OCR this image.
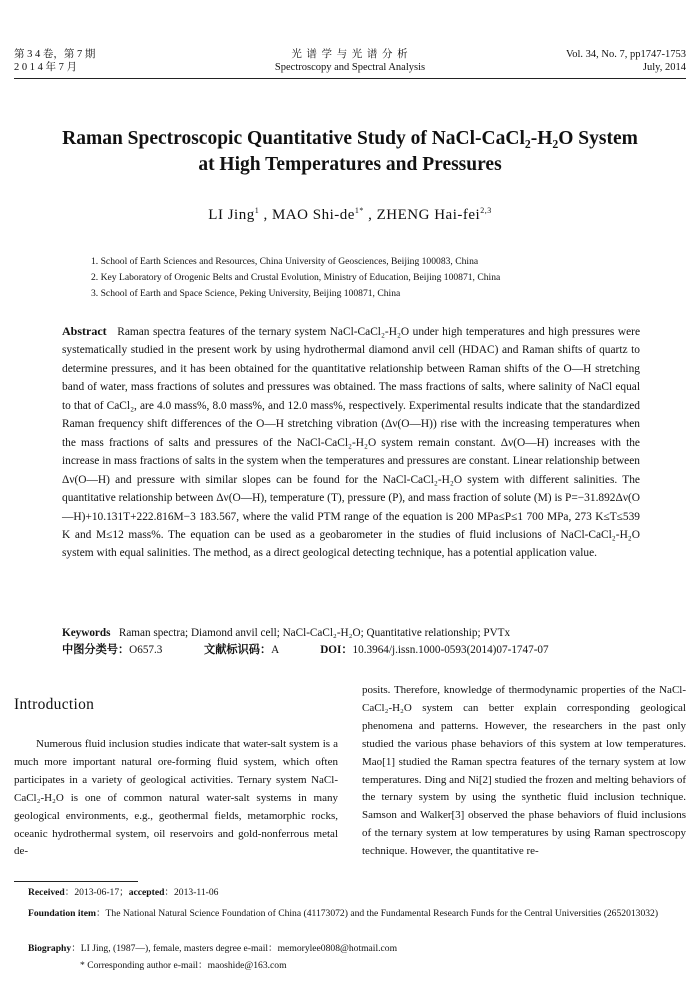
第 3 4 卷，第 7 期
2 0 1 4 年 7 月
光 谱 学 与 光 谱 分 析
Spectroscopy and Spectral Analysis
Vol. 34, No. 7, pp1747-1753
July, 2014
Raman Spectroscopic Quantitative Study of NaCl-CaCl₂-H₂O System
at High Temperatures and Pressures
LI Jing$^1$ , MAO Shi-$de^{1*}$ , ZHENG Hai-fei$^{2,3}$
1. School of Earth Sciences and Resources, China University of Geosciences, Beijing 100083, China
2. Key Laboratory of Orogenic Belts and Crustal Evolution, Ministry of Education, Beijing 100871, China
3. School of Earth and Space Science, Peking University, Beijing 100871, China
Abstract Raman spectra features of the ternary system NaCl-CaCl₂-H₂O under high temperatures and high pressures were systematically studied in the present work by using hydrothermal diamond anvil cell (HDAC) and Raman shifts of quartz to determine pressures, and it has been obtained for the quantitative relationship between Raman shifts of the O—H stretching band of water, mass fractions of solutes and pressures was obtained. The mass fractions of salts, where salinity of NaCl equal to that of CaCl₂, are 4.0 mass%, 8.0 mass%, and 12.0 mass%, respectively. Experimental results indicate that the standardized Raman frequency shift differences of the O—H stretching vibration (Δν(O—H)) rise with the increasing temperatures when the mass fractions of salts and pressures of the NaCl-CaCl₂-H₂O system remain constant. Δν(O—H) increases with the increase in mass fractions of salts in the system when the temperatures and pressures are constant. Linear relationship between Δν(O—H) and pressure with similar slopes can be found for the NaCl-CaCl₂-H₂O system with different salinities. The quantitative relationship between Δν(O—H), temperature (T), pressure (P), and mass fraction of solute (M) is P=−31.892Δν(O—H)+10.131T+222.816M−3 183.567, where the valid PTM range of the equation is 200 MPa≤P≤1 700 MPa, 273 K≤T≤539 K and M≤12 mass%. The equation can be used as a geobarometer in the studies of fluid inclusions of NaCl-CaCl₂-H₂O system with equal salinities. The method, as a direct geological detecting technique, has a potential application value.
Keywords Raman spectra; Diamond anvil cell; NaCl-CaCl₂-H₂O; Quantitative relationship; PVTx
中图分类号：O657.3	文献标识码：A	DOI：10.3964/j.issn.1000-0593(2014)07-1747-07
Introduction
Numerous fluid inclusion studies indicate that water-salt system is a much more important natural ore-forming fluid system, which often participates in a variety of geological activities. Ternary system NaCl-CaCl₂-H₂O is one of common natural water-salt systems in many geological environments, e.g., geothermal fields, metamorphic rocks, oceanic hydrothermal system, oil reservoirs and gold-nonferrous metal de-
posits. Therefore, knowledge of thermodynamic properties of the NaCl-CaCl₂-H₂O system can better explain corresponding geological phenomena and patterns. However, the researchers in the past only studied the various phase behaviors of this system at low temperatures. Mao[1] studied the Raman spectra features of the ternary system at low temperatures. Ding and Ni[2] studied the frozen and melting behaviors of the ternary system by using the synthetic fluid inclusion technique. Samson and Walker[3] observed the phase behaviors of fluid inclusions of the ternary system at low temperatures by using Raman spectroscopy technique. However, the quantitative re-
Received：2013-06-17；accepted：2013-11-06
Foundation item：The National Natural Science Foundation of China (41173072) and the Fundamental Research Funds for the Central Universities (2652013032)
Biography：LI Jing, (1987—), female, masters degree e-mail：memorylee0808@hotmail.com
* Corresponding author e-mail：maoshide@163.com
